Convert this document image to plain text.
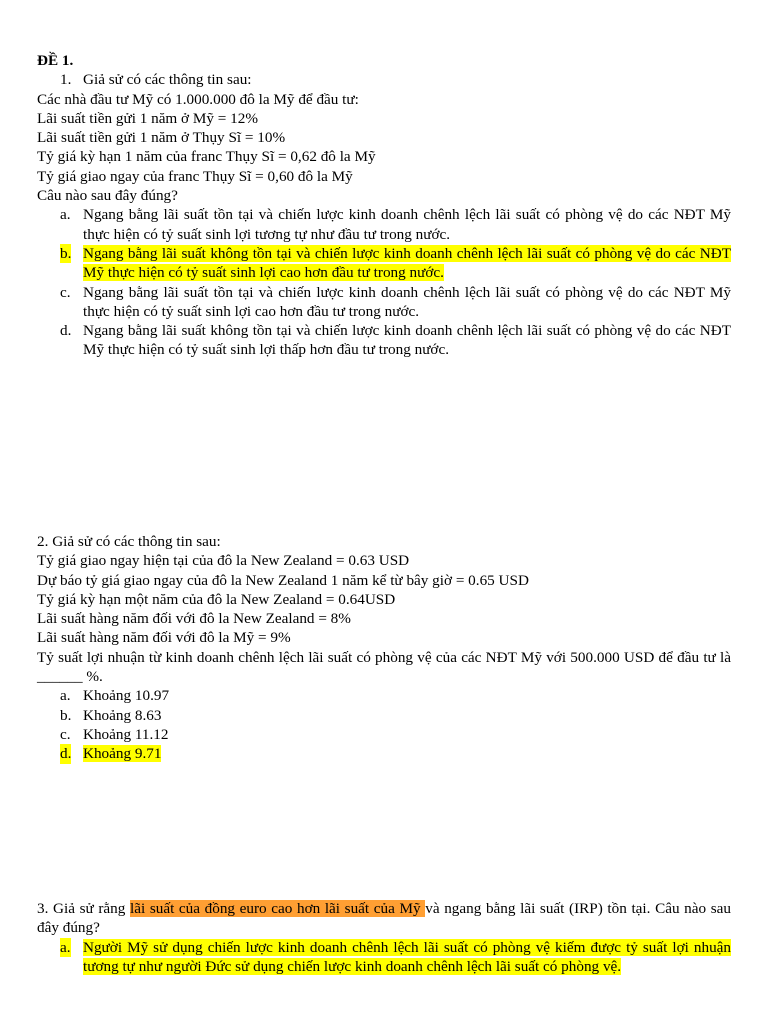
ĐỀ 1.
1. Giả sử có các thông tin sau:
Các nhà đầu tư Mỹ có 1.000.000 đô la Mỹ để đầu tư:
Lãi suất tiền gửi 1 năm ở Mỹ = 12%
Lãi suất tiền gửi 1 năm ở Thụy Sĩ = 10%
Tỷ giá kỳ hạn 1 năm của franc Thụy Sĩ = 0,62 đô la Mỹ
Tỷ giá giao ngay của franc Thụy Sĩ = 0,60 đô la Mỹ
Câu nào sau đây đúng?
a. Ngang bằng lãi suất tồn tại và chiến lược kinh doanh chênh lệch lãi suất có phòng vệ do các NĐT Mỹ thực hiện có tỷ suất sinh lợi tương tự như đầu tư trong nước.
b. Ngang bằng lãi suất không tồn tại và chiến lược kinh doanh chênh lệch lãi suất có phòng vệ do các NĐT Mỹ thực hiện có tỷ suất sinh lợi cao hơn đầu tư trong nước.
c. Ngang bằng lãi suất tồn tại và chiến lược kinh doanh chênh lệch lãi suất có phòng vệ do các NĐT Mỹ thực hiện có tỷ suất sinh lợi cao hơn đầu tư trong nước.
d. Ngang bằng lãi suất không tồn tại và chiến lược kinh doanh chênh lệch lãi suất có phòng vệ do các NĐT Mỹ thực hiện có tỷ suất sinh lợi thấp hơn đầu tư trong nước.
2. Giả sử có các thông tin sau:
Tỷ giá giao ngay hiện tại của đô la New Zealand = 0.63 USD
Dự báo tỷ giá giao ngay của đô la New Zealand 1 năm kể từ bây giờ = 0.65 USD
Tỷ giá kỳ hạn một năm của đô la New Zealand = 0.64USD
Lãi suất hàng năm đối với đô la New Zealand = 8%
Lãi suất hàng năm đối với đô la Mỹ = 9%
Tỷ suất lợi nhuận từ kinh doanh chênh lệch lãi suất có phòng vệ của các NĐT Mỹ với 500.000 USD để đầu tư là ______ %.
a. Khoảng 10.97
b. Khoảng 8.63
c. Khoảng 11.12
d. Khoảng 9.71
3. Giả sử rằng lãi suất của đồng euro cao hơn lãi suất của Mỹ và ngang bằng lãi suất (IRP) tồn tại. Câu nào sau đây đúng?
a. Người Mỹ sử dụng chiến lược kinh doanh chênh lệch lãi suất có phòng vệ kiếm được tỷ suất lợi nhuận tương tự như người Đức sử dụng chiến lược kinh doanh chênh lệch lãi suất có phòng vệ.
